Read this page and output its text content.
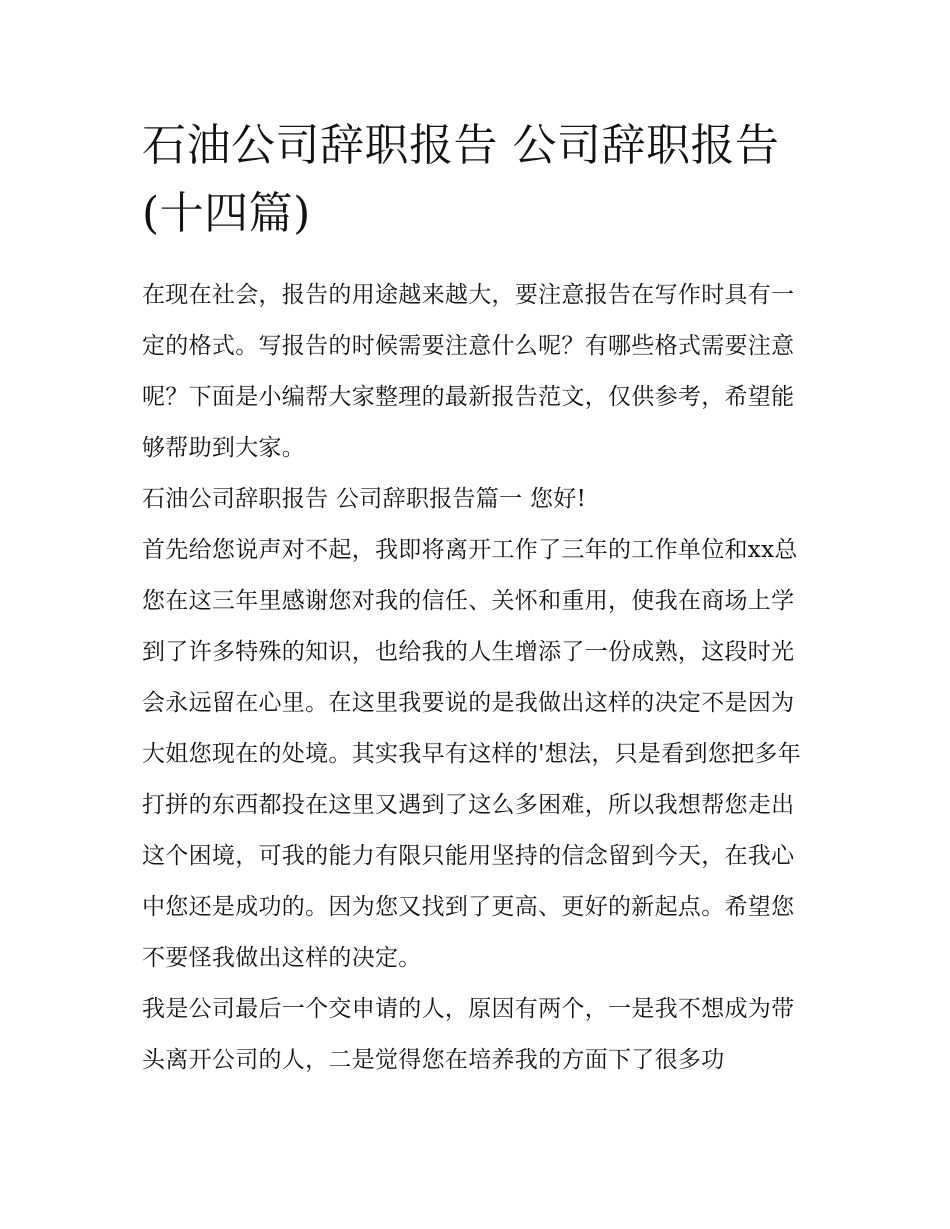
石油公司辞职报告 公司辞职报告(十四篇)

在现在社会，报告的用途越来越大，要注意报告在写作时具有一定的格式。写报告的时候需要注意什么呢？有哪些格式需要注意呢？下面是小编帮大家整理的最新报告范文，仅供参考，希望能够帮助到大家。

石油公司辞职报告 公司辞职报告篇一 您好!

首先给您说声对不起，我即将离开工作了三年的工作单位和xx总您在这三年里感谢您对我的信任、关怀和重用，使我在商场上学到了许多特殊的知识，也给我的人生增添了一份成熟，这段时光会永远留在心里。在这里我要说的是我做出这样的决定不是因为大姐您现在的处境。其实我早有这样的'想法，只是看到您把多年打拼的东西都投在这里又遇到了这么多困难，所以我想帮您走出这个困境，可我的能力有限只能用坚持的信念留到今天，在我心中您还是成功的。因为您又找到了更高、更好的新起点。希望您不要怪我做出这样的决定。

我是公司最后一个交申请的人，原因有两个，一是我不想成为带头离开公司的人，二是觉得您在培养我的方面下了很多功
